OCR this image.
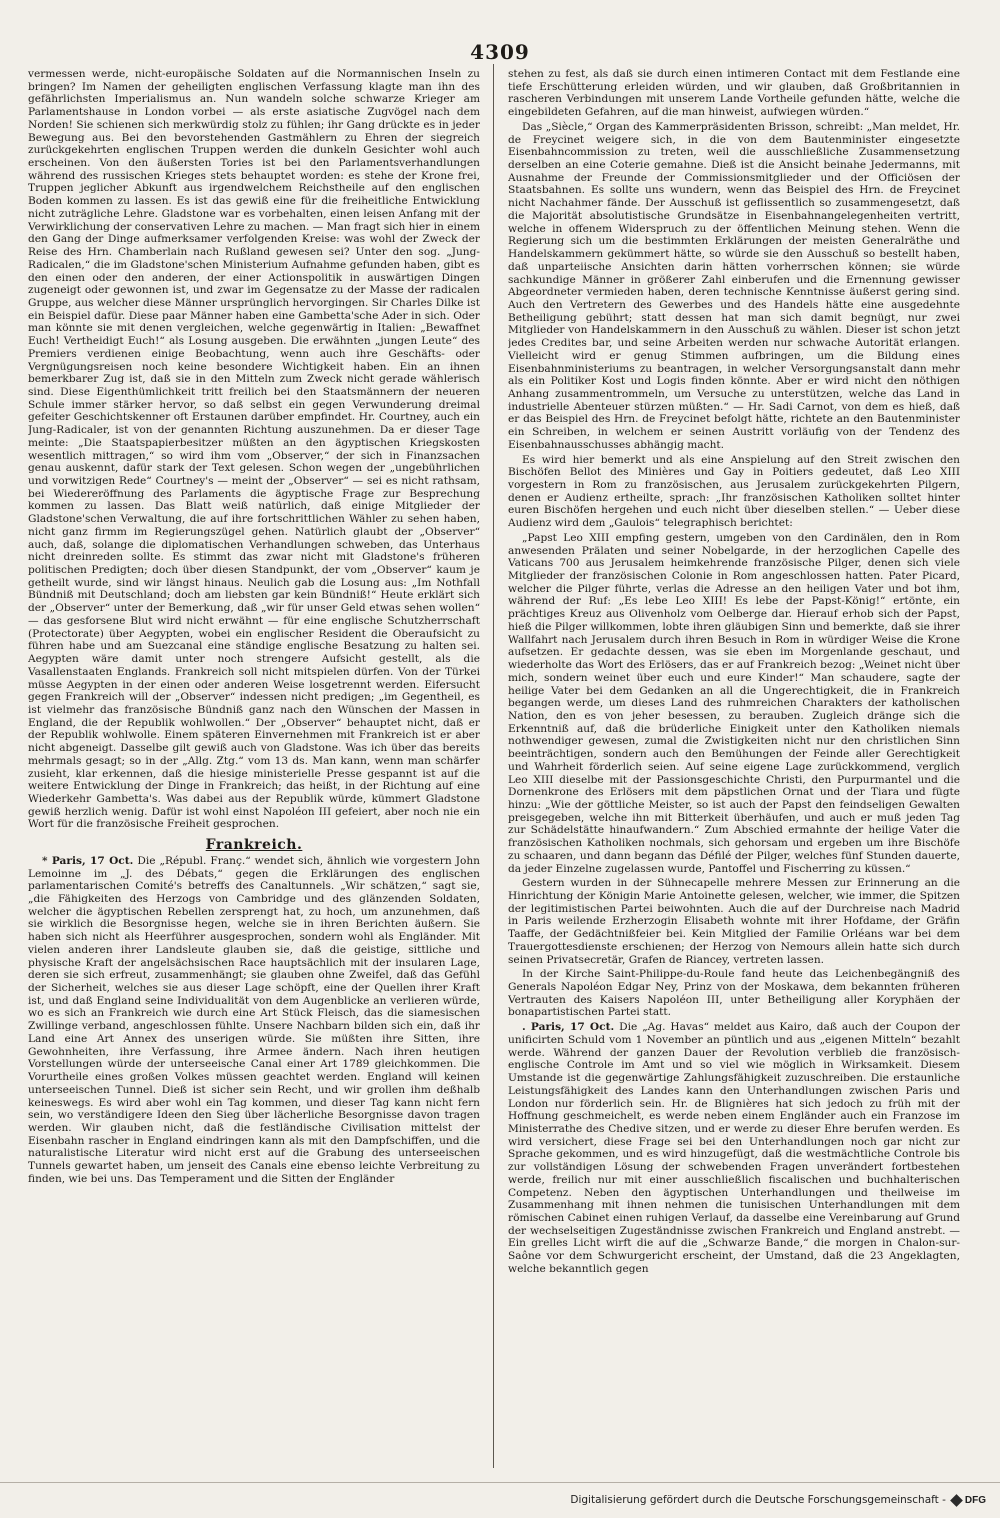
4309

vermessen werde, nicht-europäische Soldaten auf die Normannischen Inseln zu bringen? Im Namen der geheiligten englischen Verfassung klagte man ihn des gefährlichsten Imperialismus an. Nun wandeln solche schwarze Krieger am Parlamentshause in London vorbei — als erste asiatische Zugvögel nach dem Norden! Sie schienen sich merkwürdig stolz zu fühlen; ihr Gang drückte es in jeder Bewegung aus. Bei den bevorstehenden Gastmählern zu Ehren der siegreich zurückgekehrten englischen Truppen werden die dunkeln Gesichter wohl auch erscheinen. Von den äußersten Tories ist bei den Parlamentsverhandlungen während des russischen Krieges stets behauptet worden: es stehe der Krone frei, Truppen jeglicher Abkunft aus irgendwelchem Reichstheile auf den englischen Boden kommen zu lassen. Es ist das gewiß eine für die freiheitliche Entwicklung nicht zuträgliche Lehre. Gladstone war es vorbehalten, einen leisen Anfang mit der Verwirklichung der conservativen Lehre zu machen. — Man fragt sich hier in einem den Gang der Dinge aufmerksamer verfolgenden Kreise: was wohl der Zweck der Reise des Hrn. Chamberlain nach Rußland gewesen sei? Unter den sog. „Jung-Radicalen,“ die im Gladstone'schen Ministerium Aufnahme gefunden haben, gibt es den einen oder den anderen, der einer Actionspolitik in auswärtigen Dingen zugeneigt oder gewonnen ist, und zwar im Gegensatze zu der Masse der radicalen Gruppe, aus welcher diese Männer ursprünglich hervorgingen. Sir Charles Dilke ist ein Beispiel dafür. Diese paar Männer haben eine Gambetta'sche Ader in sich. Oder man könnte sie mit denen vergleichen, welche gegenwärtig in Italien: „Bewaffnet Euch! Vertheidigt Euch!“ als Losung ausgeben. Die erwähnten „jungen Leute“ des Premiers verdienen einige Beobachtung, wenn auch ihre Geschäfts- oder Vergnügungsreisen noch keine besondere Wichtigkeit haben. Ein an ihnen bemerkbarer Zug ist, daß sie in den Mitteln zum Zweck nicht gerade wählerisch sind. Diese Eigenthümlichkeit tritt freilich bei den Staatsmännern der neueren Schule immer stärker hervor, so daß selbst ein gegen Verwunderung dreimal gefeiter Geschichtskenner oft Erstaunen darüber empfindet. Hr. Courtney, auch ein Jung-Radicaler, ist von der genannten Richtung auszunehmen. Da er dieser Tage meinte: „Die Staatspapierbesitzer müßten an den ägyptischen Kriegskosten wesentlich mittragen,“ so wird ihm vom „Observer,“ der sich in Finanzsachen genau auskennt, dafür stark der Text gelesen. Schon wegen der „ungebührlichen und vorwitzigen Rede“ Courtney's — meint der „Observer“ — sei es nicht rathsam, bei Wiedereröffnung des Parlaments die ägyptische Frage zur Besprechung kommen zu lassen. Das Blatt weiß natürlich, daß einige Mitglieder der Gladstone'schen Verwaltung, die auf ihre fortschrittlichen Wähler zu sehen haben, nicht ganz firmm im Regierungszügel gehen. Natürlich glaubt der „Observer“ auch, daß, solange die diplomatischen Verhandlungen schweben, das Unterhaus nicht dreinreden sollte. Es stimmt das zwar nicht mit Gladstone's früheren politischen Predigten; doch über diesen Standpunkt, der vom „Observer“ kaum je getheilt wurde, sind wir längst hinaus. Neulich gab die Losung aus: „Im Nothfall Bündniß mit Deutschland; doch am liebsten gar kein Bündniß!“ Heute erklärt sich der „Observer“ unter der Bemerkung, daß „wir für unser Geld etwas sehen wollen“ — das gesforsene Blut wird nicht erwähnt — für eine englische Schutzherrschaft (Protectorate) über Aegypten, wobei ein englischer Resident die Oberaufsicht zu führen habe und am Suezcanal eine ständige englische Besatzung zu halten sei. Aegypten wäre damit unter noch strengere Aufsicht gestellt, als die Vasallenstaaten Englands. Frankreich soll nicht mitspielen dürfen. Von der Türkei müsse Aegypten in der einen oder anderen Weise losgetrennt werden. Eifersucht gegen Frankreich will der „Observer“ indessen nicht predigen; „im Gegentheil, es ist vielmehr das französische Bündniß ganz nach den Wünschen der Massen in England, die der Republik wohlwollen.“ Der „Observer“ behauptet nicht, daß er der Republik wohlwolle. Einem späteren Einvernehmen mit Frankreich ist er aber nicht abgeneigt. Dasselbe gilt gewiß auch von Gladstone. Was ich über das bereits mehrmals gesagt; so in der „Allg. Ztg.“ vom 13 ds. Man kann, wenn man schärfer zusieht, klar erkennen, daß die hiesige ministerielle Presse gespannt ist auf die weitere Entwicklung der Dinge in Frankreich; das heißt, in der Richtung auf eine Wiederkehr Gambetta's. Was dabei aus der Republik würde, kümmert Gladstone gewiß herzlich wenig. Dafür ist wohl einst Napoléon III gefeiert, aber noch nie ein Wort für die französische Freiheit gesprochen.

Frankreich.

* Paris, 17 Oct. Die „Républ. Franç.“ wendet sich, ähnlich wie vorgestern John Lemoinne im „J. des Débats,“ gegen die Erklärungen des englischen parlamentarischen Comité's betreffs des Canaltunnels. „Wir schätzen,“ sagt sie, „die Fähigkeiten des Herzogs von Cambridge und des glänzenden Soldaten, welcher die ägyptischen Rebellen zersprengt hat, zu hoch, um anzunehmen, daß sie wirklich die Besorgnisse hegen, welche sie in ihren Berichten äußern. Sie haben sich nicht als Heerführer ausgesprochen, sondern wohl als Engländer. Mit vielen anderen ihrer Landsleute glauben sie, daß die geistige, sittliche und physische Kraft der angelsächsischen Race hauptsächlich mit der insularen Lage, deren sie sich erfreut, zusammenhängt; sie glauben ohne Zweifel, daß das Gefühl der Sicherheit, welches sie aus dieser Lage schöpft, eine der Quellen ihrer Kraft ist, und daß England seine Individualität von dem Augenblicke an verlieren würde, wo es sich an Frankreich wie durch eine Art Stück Fleisch, das die siamesischen Zwillinge verband, angeschlossen fühlte. Unsere Nachbarn bilden sich ein, daß ihr Land eine Art Annex des unserigen würde. Sie müßten ihre Sitten, ihre Gewohnheiten, ihre Verfassung, ihre Armee ändern. Nach ihren heutigen Vorstellungen würde der unterseeische Canal einer Art 1789 gleichkommen. Die Vorurtheile eines großen Volkes müssen geachtet werden. England will keinen unterseeischen Tunnel. Dieß ist sicher sein Recht, und wir grollen ihm deßhalb keineswegs. Es wird aber wohl ein Tag kommen, und dieser Tag kann nicht fern sein, wo verständigere Ideen den Sieg über lächerliche Besorgnisse davon tragen werden. Wir glauben nicht, daß die festländische Civilisation mittelst der Eisenbahn rascher in England eindringen kann als mit den Dampfschiffen, und die naturalistische Literatur wird nicht erst auf die Grabung des unterseeischen Tunnels gewartet haben, um jenseit des Canals eine ebenso leichte Verbreitung zu finden, wie bei uns. Das Temperament und die Sitten der Engländer

stehen zu fest, als daß sie durch einen intimeren Contact mit dem Festlande eine tiefe Erschütterung erleiden würden, und wir glauben, daß Großbritannien in rascheren Verbindungen mit unserem Lande Vortheile gefunden hätte, welche die eingebildeten Gefahren, auf die man hinweist, aufwiegen würden.“

Das „Siècle,“ Organ des Kammerpräsidenten Brisson, schreibt: „Man meldet, Hr. de Freycinet weigere sich, in die von dem Bautenminister eingesetzte Eisenbahncommission zu treten, weil die ausschließliche Zusammensetzung derselben an eine Coterie gemahne. Dieß ist die Ansicht beinahe Jedermanns, mit Ausnahme der Freunde der Commissionsmitglieder und der Officiösen der Staatsbahnen. Es sollte uns wundern, wenn das Beispiel des Hrn. de Freycinet nicht Nachahmer fände. Der Ausschuß ist geflissentlich so zusammengesetzt, daß die Majorität absolutistische Grundsätze in Eisenbahnangelegenheiten vertritt, welche in offenem Widerspruch zu der öffentlichen Meinung stehen. Wenn die Regierung sich um die bestimmten Erklärungen der meisten Generalräthe und Handelskammern gekümmert hätte, so würde sie den Ausschuß so bestellt haben, daß unparteiische Ansichten darin hätten vorherrschen können; sie würde sachkundige Männer in größerer Zahl einberufen und die Ernennung gewisser Abgeordneter vermieden haben, deren technische Kenntnisse äußerst gering sind. Auch den Vertretern des Gewerbes und des Handels hätte eine ausgedehnte Betheiligung gebührt; statt dessen hat man sich damit begnügt, nur zwei Mitglieder von Handelskammern in den Ausschuß zu wählen. Dieser ist schon jetzt jedes Credites bar, und seine Arbeiten werden nur schwache Autorität erlangen. Vielleicht wird er genug Stimmen aufbringen, um die Bildung eines Eisenbahnministeriums zu beantragen, in welcher Versorgungsanstalt dann mehr als ein Politiker Kost und Logis finden könnte. Aber er wird nicht den nöthigen Anhang zusammentrommeln, um Versuche zu unterstützen, welche das Land in industrielle Abenteuer stürzen müßten.“ — Hr. Sadi Carnot, von dem es hieß, daß er das Beispiel des Hrn. de Freycinet befolgt hätte, richtete an den Bautenminister ein Schreiben, in welchem er seinen Austritt vorläufig von der Tendenz des Eisenbahnausschusses abhängig macht.

Es wird hier bemerkt und als eine Anspielung auf den Streit zwischen den Bischöfen Bellot des Minières und Gay in Poitiers gedeutet, daß Leo XIII vorgestern in Rom zu französischen, aus Jerusalem zurückgekehrten Pilgern, denen er Audienz ertheilte, sprach: „Ihr französischen Katholiken solltet hinter euren Bischöfen hergehen und euch nicht über dieselben stellen.“ — Ueber diese Audienz wird dem „Gaulois“ telegraphisch berichtet:

„Papst Leo XIII empfing gestern, umgeben von den Cardinälen, den in Rom anwesenden Prälaten und seiner Nobelgarde, in der herzoglichen Capelle des Vaticans 700 aus Jerusalem heimkehrende französische Pilger, denen sich viele Mitglieder der französischen Colonie in Rom angeschlossen hatten. Pater Picard, welcher die Pilger führte, verlas die Adresse an den heiligen Vater und bot ihm, während der Ruf: „Es lebe Leo XIII! Es lebe der Papst-König!“ ertönte, ein prächtiges Kreuz aus Olivenholz vom Oelberge dar. Hierauf erhob sich der Papst, hieß die Pilger willkommen, lobte ihren gläubigen Sinn und bemerkte, daß sie ihrer Wallfahrt nach Jerusalem durch ihren Besuch in Rom in würdiger Weise die Krone aufsetzen. Er gedachte dessen, was sie eben im Morgenlande geschaut, und wiederholte das Wort des Erlösers, das er auf Frankreich bezog: „Weinet nicht über mich, sondern weinet über euch und eure Kinder!“ Man schaudere, sagte der heilige Vater bei dem Gedanken an all die Ungerechtigkeit, die in Frankreich begangen werde, um dieses Land des ruhmreichen Charakters der katholischen Nation, den es von jeher besessen, zu berauben. Zugleich dränge sich die Erkenntniß auf, daß die brüderliche Einigkeit unter den Katholiken niemals nothwendiger gewesen, zumal die Zwistigkeiten nicht nur den christlichen Sinn beeinträchtigen, sondern auch den Bemühungen der Feinde aller Gerechtigkeit und Wahrheit förderlich seien. Auf seine eigene Lage zurückkommend, verglich Leo XIII dieselbe mit der Passionsgeschichte Christi, den Purpurmantel und die Dornenkrone des Erlösers mit dem päpstlichen Ornat und der Tiara und fügte hinzu: „Wie der göttliche Meister, so ist auch der Papst den feindseligen Gewalten preisgegeben, welche ihn mit Bitterkeit überhäufen, und auch er muß jeden Tag zur Schädelstätte hinaufwandern.“ Zum Abschied ermahnte der heilige Vater die französischen Katholiken nochmals, sich gehorsam und ergeben um ihre Bischöfe zu schaaren, und dann begann das Défilé der Pilger, welches fünf Stunden dauerte, da jeder Einzelne zugelassen wurde, Pantoffel und Fischerring zu küssen.“

Gestern wurden in der Sühnecapelle mehrere Messen zur Erinnerung an die Hinrichtung der Königin Marie Antoinette gelesen, welcher, wie immer, die Spitzen der legitimistischen Partei beiwohnten. Auch die auf der Durchreise nach Madrid in Paris weilende Erzherzogin Elisabeth wohnte mit ihrer Hofdame, der Gräfin Taaffe, der Gedächtnißfeier bei. Kein Mitglied der Familie Orléans war bei dem Trauergottesdienste erschienen; der Herzog von Nemours allein hatte sich durch seinen Privatsecretär, Grafen de Riancey, vertreten lassen.

In der Kirche Saint-Philippe-du-Roule fand heute das Leichenbegängniß des Generals Napoléon Edgar Ney, Prinz von der Moskawa, dem bekannten früheren Vertrauten des Kaisers Napoléon III, unter Betheiligung aller Koryphäen der bonapartistischen Partei statt.

. Paris, 17 Oct. Die „Ag. Havas“ meldet aus Kairo, daß auch der Coupon der unificirten Schuld vom 1 November an püntlich und aus „eigenen Mitteln“ bezahlt werde. Während der ganzen Dauer der Revolution verblieb die französisch-englische Controle im Amt und so viel wie möglich in Wirksamkeit. Diesem Umstande ist die gegenwärtige Zahlungsfähigkeit zuzuschreiben. Die erstaunliche Leistungsfähigkeit des Landes kann den Unterhandlungen zwischen Paris und London nur förderlich sein. Hr. de Blignières hat sich jedoch zu früh mit der Hoffnung geschmeichelt, es werde neben einem Engländer auch ein Franzose im Ministerrathe des Chedive sitzen, und er werde zu dieser Ehre berufen werden. Es wird versichert, diese Frage sei bei den Unterhandlungen noch gar nicht zur Sprache gekommen, und es wird hinzugefügt, daß die westmächtliche Controle bis zur vollständigen Lösung der schwebenden Fragen unverändert fortbestehen werde, freilich nur mit einer ausschließlich fiscalischen und buchhalterischen Competenz. Neben den ägyptischen Unterhandlungen und theilweise im Zusammenhang mit ihnen nehmen die tunisischen Unterhandlungen mit dem römischen Cabinet einen ruhigen Verlauf, da dasselbe eine Vereinbarung auf Grund der wechselseitigen Zugeständnisse zwischen Frankreich und England anstrebt. — Ein grelles Licht wirft die auf die „Schwarze Bande,“ die morgen in Chalon-sur-Saône vor dem Schwurgericht erscheint, der Umstand, daß die 23 Angeklagten, welche bekanntlich gegen

Digitalisierung gefördert durch die Deutsche Forschungsgemeinschaft - DFG
